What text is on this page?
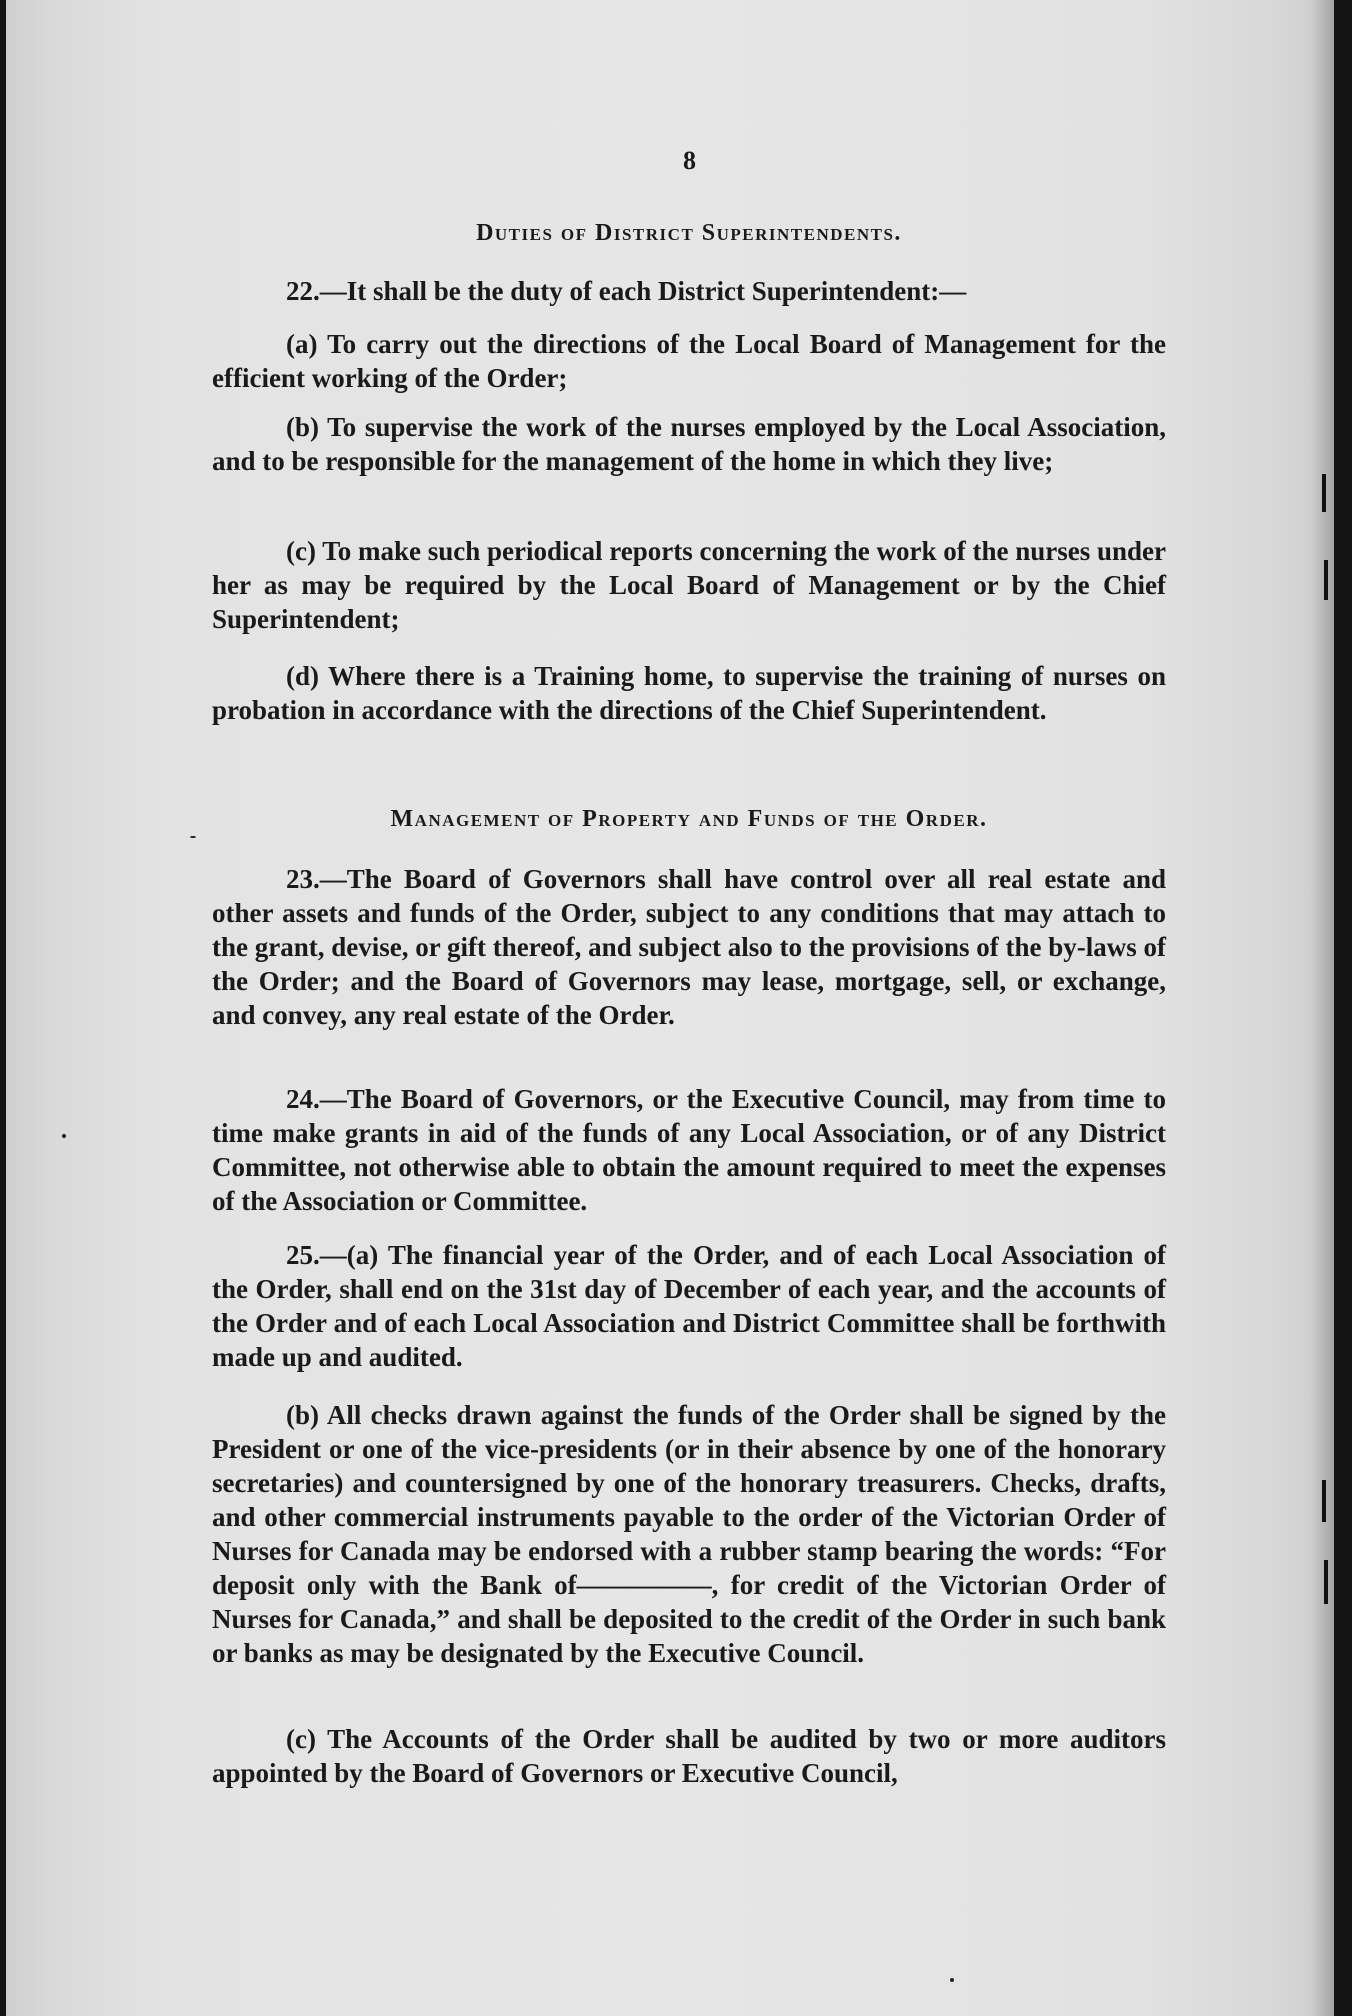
8
Duties of District Superintendents.

22.—It shall be the duty of each District Superintendent:—

(a) To carry out the directions of the Local Board of Management for the efficient working of the Order;

(b) To supervise the work of the nurses employed by the Local Association, and to be responsible for the management of the home in which they live;

(c) To make such periodical reports concerning the work of the nurses under her as may be required by the Local Board of Management or by the Chief Superintendent;

(d) Where there is a Training home, to supervise the training of nurses on probation in accordance with the directions of the Chief Superintendent.

Management of Property and Funds of the Order.

23.—The Board of Governors shall have control over all real estate and other assets and funds of the Order, subject to any conditions that may attach to the grant, devise, or gift thereof, and subject also to the provisions of the by-laws of the Order; and the Board of Governors may lease, mortgage, sell, or exchange, and convey, any real estate of the Order.

24.—The Board of Governors, or the Executive Council, may from time to time make grants in aid of the funds of any Local Association, or of any District Committee, not otherwise able to obtain the amount required to meet the expenses of the Association or Committee.

25.—(a) The financial year of the Order, and of each Local Association of the Order, shall end on the 31st day of December of each year, and the accounts of the Order and of each Local Association and District Committee shall be forthwith made up and audited.

(b) All checks drawn against the funds of the Order shall be signed by the President or one of the vice-presidents (or in their absence by one of the honorary secretaries) and countersigned by one of the honorary treasurers. Checks, drafts, and other commercial instruments payable to the order of the Victorian Order of Nurses for Canada may be endorsed with a rubber stamp bearing the words: “For deposit only with the Bank of—————, for credit of the Victorian Order of Nurses for Canada,” and shall be deposited to the credit of the Order in such bank or banks as may be designated by the Executive Council.

(c) The Accounts of the Order shall be audited by two or more auditors appointed by the Board of Governors or Executive Council,
